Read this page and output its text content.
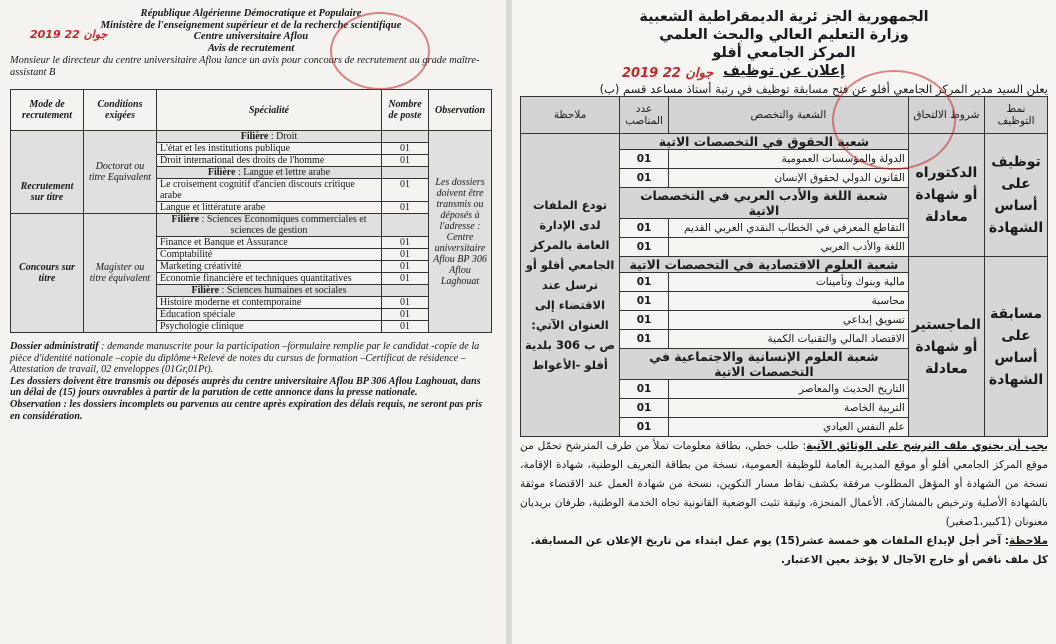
République Algérienne Démocratique et Populaire
Ministère de l'enseignement supérieur et de la recherche scientifique
Centre universitaire Aflou
Avis de recrutement
Monsieur le directeur du centre universitaire Aflou lance un avis pour concours de recrutement au grade maître-assistant B
2019 جوان 22
Mode de recrutement	Conditions exigées	Spécialité	Nombre de poste	Observation
Recrutement sur titre	Doctorat ou titre Equivalent	Filière : Droit		Les dossiers doivent être transmis ou déposés à l'adresse : Centre universitaire Aflou BP 306 Aflou Laghouat
		L'état et les institutions publique	01	
		Droit international des droits de l'homme	01	
		Filière : Langue et lettre arabe		
		Le croisement cognitif d'ancien discours critique arabe	01	
		Langue et littérature arabe	01	
Concours sur titre	Magister ou titre équivalent	Filière : Sciences Economiques commerciales et sciences de gestion		
		Finance et Banque et Assurance	01	
		Comptabilité	01	
		Marketing créativité	01	
		Economie financière et techniques quantitatives	01	
		Filière : Sciences humaines et sociales		
		Histoire moderne et contemporaine	01	
		Education spéciale	01	
		Psychologie clinique	01	
Dossier administratif : demande manuscrite pour la participation –formulaire remplie par le candidat -copie de la pièce d'identité nationale –copie du diplôme+Relevé de notes du cursus de formation –Certificat de résidence –Attestation de travail, 02 enveloppes (01Gr,01Pt).
Les dossiers doivent être transmis ou déposés auprès du centre universitaire Aflou BP 306 Aflou Laghouat, dans un délai de (15) jours ouvrables à partir de la parution de cette annonce dans la presse nationale.
Observation : les dossiers incomplets ou parvenus au centre après expiration des délais requis, ne seront pas pris en considération.
الجمهورية الجز ئرية الديمقراطية الشعبية
وزارة التعليم العالي والبحث العلمي
المركز الجامعي أفلو
إعلان عن توظيف
يعلن السيد مدير المركز الجامعي أفلو عن فتح مسابقة توظيف في رتبة أستاذ مساعد قسم (ب)
2019 جوان 22
نمط التوظيف	شروط الالتحاق	الشعبة والتخصص	عدد المناصب	ملاحظة
توظيف على أساس الشهادة	الدكتوراه أو شهادة معادلة	شعبة الحقوق في التخصصات الاتية		تودع الملفات لدى الإدارة العامة بالمركز الجامعي أفلو أو ترسل عند الاقتضاء إلى العنوان الآتي: ص ب 306 بلدية أفلو -الأغواط
		الدولة والمؤسسات العمومية	01	
		القانون الدولي لحقوق الإنسان	01	
		شعبة اللغة والأدب العربي في التخصصات الاتية		
		التقاطع المعرفي في الخطاب النقدي العربي القديم	01	
		اللغة والأدب العربي	01	
مسابقة على أساس الشهادة	الماجستير أو شهادة معادلة	شعبة العلوم الاقتصادية في التخصصات الاتية		
		مالية وبنوك وتأمينات	01	
		محاسبة	01	
		تسويق إبداعي	01	
		الاقتصاد المالي والتقنيات الكمية	01	
		شعبة العلوم الإنسانية والاجتماعية في التخصصات الاتية		
		التاريخ الحديث والمعاصر	01	
		التربية الخاصة	01	
		علم النفس العيادي	01	
يجب أن يحتوي ملف الترشح على الوثائق الآتية: طلب خطي، بطاقة معلومات تملأ من طرف المترشح تحمّل من موقع المركز الجامعي أفلو أو موقع المديرية العامة للوظيفة العمومية، نسخة من بطاقة التعريف الوطنية، شهادة الإقامة، نسخة من الشهادة أو المؤهل المطلوب مرفقة بكشف نقاط مسار التكوين، نسخة من شهادة العمل عند الاقتضاء موثقة بالشهادة الأصلية وترخيص بالمشاركة، الأعمال المنجزة، وثيقة تثبت الوضعية القانونية تجاه الخدمة الوطنية، ظرفان بريديان معنونان (1كبير،1صغير)
ملاحظة: آخر أجل لإيداع الملفات هو خمسة عشر(15) يوم عمل ابتداء من تاريخ الإعلان عن المسابقة.
كل ملف ناقص أو خارج الآجال لا يؤخذ بعين الاعتبار.
